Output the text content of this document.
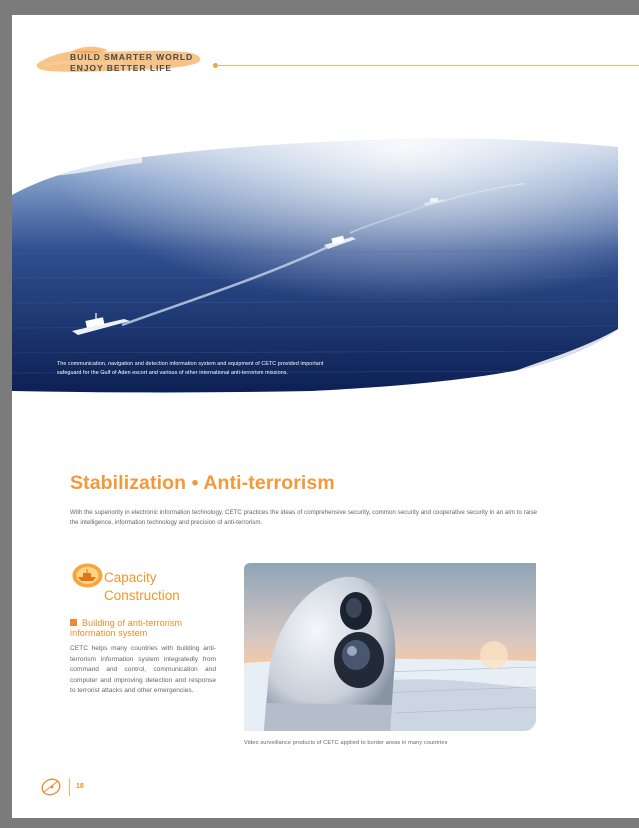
BUILD SMARTER WORLD
ENJOY BETTER LIFE
The communication, navigation and detection information system and equipment of CETC provided important
safeguard for the Gulf of Aden escort and various of other international anti-terrorism missions.
Stabilization • Anti-terrorism
With the superiority in electronic information technology, CETC practices the ideas of comprehensive security, common security and cooperative security in an aim to raise the intelligence, information technology and precision of anti-terrorism.
Capacity Construction
Building of anti-terrorism information system
CETC helps many countries with building anti-terrorism information system integratedly from command and control, communication and computer and improving detection and response to terrorist attacks and other emergencies.
Video surveillance products of CETC applied to border areas in many countries
18
